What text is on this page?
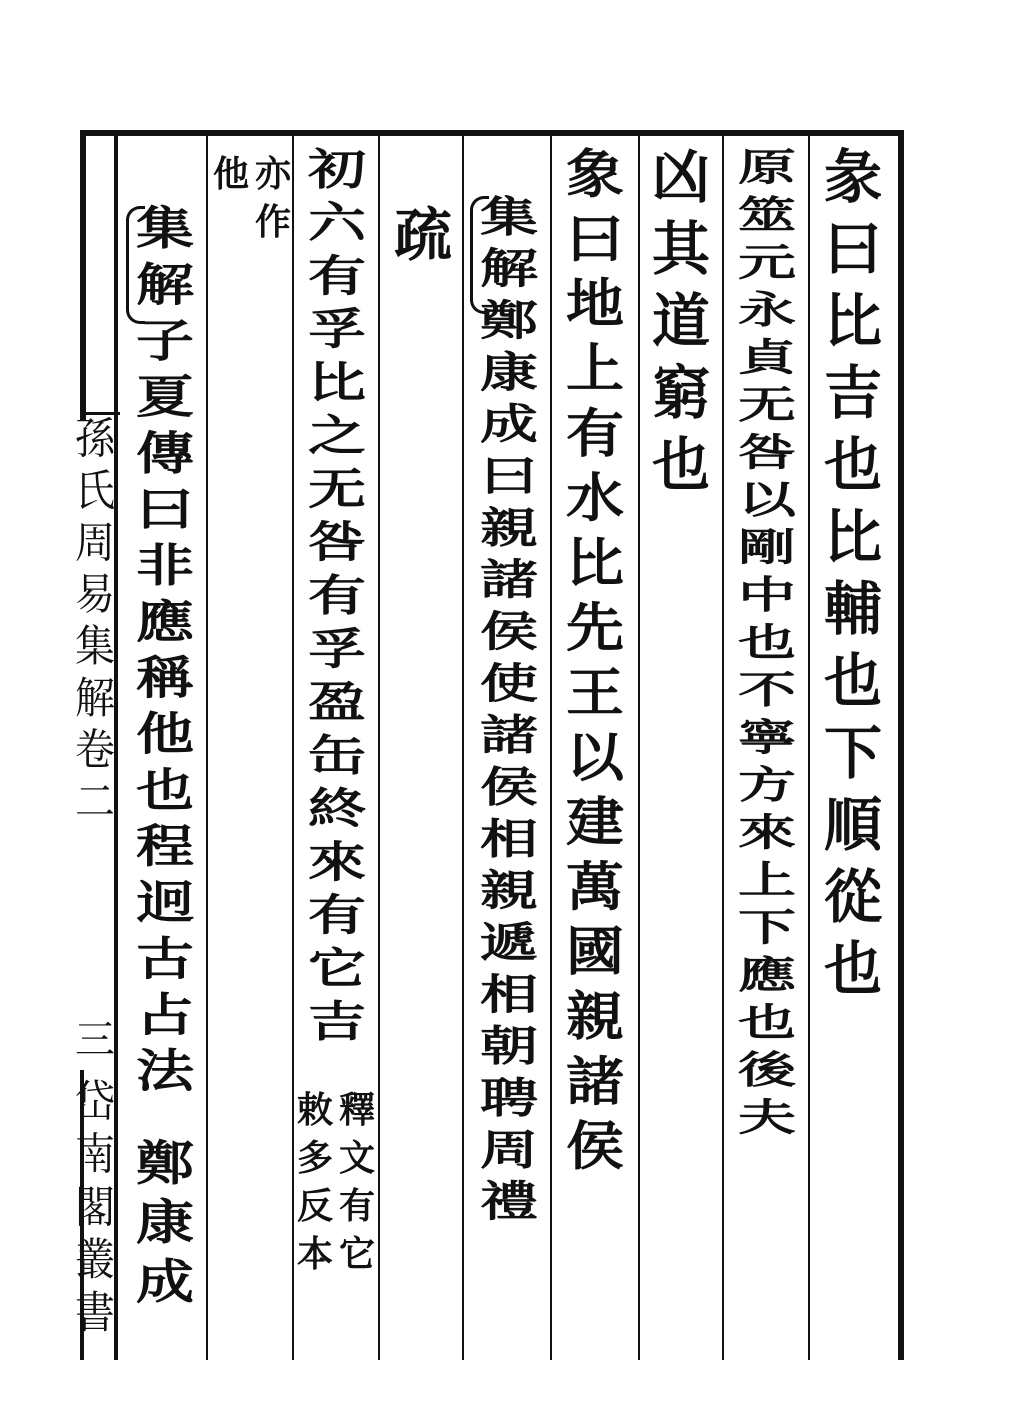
彖
曰
比
吉
也
比
輔
也
下
順
從
也
原
筮
元
永
貞
无
咎
以
剛
中
也
不
寧
方
來
上
下
應
也
後
夫
凶
其
道
窮
也
象
曰
地
上
有
水
比
先
王
以
建
萬
國
親
諸
侯
集
解
鄭
康
成
曰
親
諸
侯
使
諸
侯
相
親
遞
相
朝
聘
周
禮
疏
初
六
有
孚
比
之
无
咎
有
孚
盈
缶
終
來
有
它
吉
釋
文
有
它
敕
多
反
本
亦
作
他
集
解
子
夏
傳
曰
非
應
稱
他
也
程
迥
古
占
法
鄭
康
成
孫
氏
周
易
集
解
卷
二
三
岱
南
閣
叢
書
